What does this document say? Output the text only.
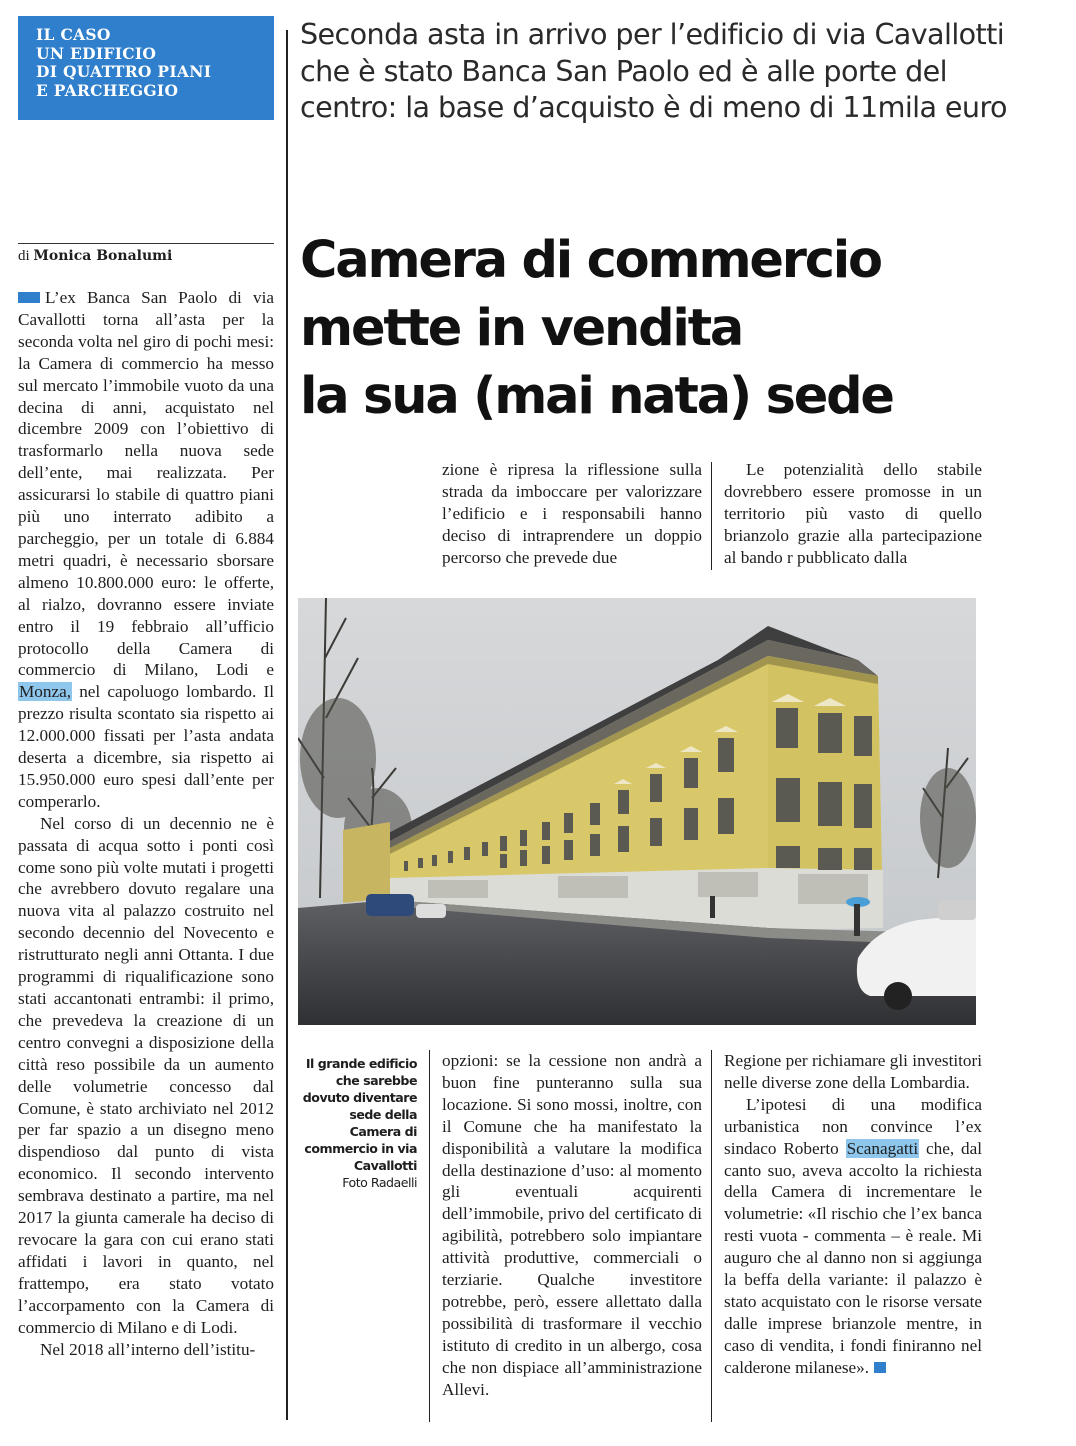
IL CASO
UN EDIFICIO
DI QUATTRO PIANI
E PARCHEGGIO
Seconda asta in arrivo per l’edificio di via Cavallotti
che è stato Banca San Paolo ed è alle porte del
centro: la base d’acquisto è di meno di 11mila euro
Camera di commercio
mette in vendita
la sua (mai nata) sede
di Monica Bonalumi

L’ex Banca San Paolo di via Cavallotti torna all’asta per la seconda volta nel giro di pochi mesi: la Camera di commercio ha messo sul mercato l’immobile vuoto da una decina di anni, acquistato nel dicembre 2009 con l’obiettivo di trasformarlo nella nuova sede dell’ente, mai realizzata. Per assicurarsi lo stabile di quattro piani più uno interrato adibito a parcheggio, per un totale di 6.884 metri quadri, è necessario sborsare almeno 10.800.000 euro: le offerte, al rialzo, dovranno essere inviate entro il 19 febbraio all’ufficio protocollo della Camera di commercio di Milano, Lodi e Monza, nel capoluogo lombardo. Il prezzo risulta scontato sia rispetto ai 12.000.000 fissati per l’asta andata deserta a dicembre, sia rispetto ai 15.950.000 euro spesi dall’ente per comperarlo.

Nel corso di un decennio ne è passata di acqua sotto i ponti così come sono più volte mutati i progetti che avrebbero dovuto regalare una nuova vita al palazzo costruito nel secondo decennio del Novecento e ristrutturato negli anni Ottanta. I due programmi di riqualificazione sono stati accantonati entrambi: il primo, che prevedeva la creazione di un centro convegni a disposizione della città reso possibile da un aumento delle volumetrie concesso dal Comune, è stato archiviato nel 2012 per far spazio a un disegno meno dispendioso dal punto di vista economico. Il secondo intervento sembrava destinato a partire, ma nel 2017 la giunta camerale ha deciso di revocare la gara con cui erano stati affidati i lavori in quanto, nel frattempo, era stato votato l’accorpamento con la Camera di commercio di Milano e di Lodi.

Nel 2018 all’interno dell’istitu-

zione è ripresa la riflessione sulla strada da imboccare per valorizzare l’edificio e i responsabili hanno deciso di intraprendere un doppio percorso che prevede due

Le potenzialità dello stabile dovrebbero essere promosse in un territorio più vasto di quello brianzolo grazie alla partecipazione al bando r pubblicato dalla

Il grande edificio
che sarebbe
dovuto diventare
sede della
Camera di
commercio in via
Cavallotti
Foto Radaelli

opzioni: se la cessione non andrà a buon fine punteranno sulla sua locazione. Si sono mossi, inoltre, con il Comune che ha manifestato la disponibilità a valutare la modifica della destinazione d’uso: al momento gli eventuali acquirenti dell’immobile, privo del certificato di agibilità, potrebbero solo impiantare attività produttive, commerciali o terziarie. Qualche investitore potrebbe, però, essere allettato dalla possibilità di trasformare il vecchio istituto di credito in un albergo, cosa che non dispiace all’amministrazione Allevi.

Regione per richiamare gli investitori nelle diverse zone della Lombardia.

L’ipotesi di una modifica urbanistica non convince l’ex sindaco Roberto Scanagatti che, dal canto suo, aveva accolto la richiesta della Camera di incrementare le volumetrie: «Il rischio che l’ex banca resti vuota - commenta – è reale. Mi auguro che al danno non si aggiunga la beffa della variante: il palazzo è stato acquistato con le risorse versate dalle imprese brianzole mentre, in caso di vendita, i fondi finiranno nel calderone milanese».
